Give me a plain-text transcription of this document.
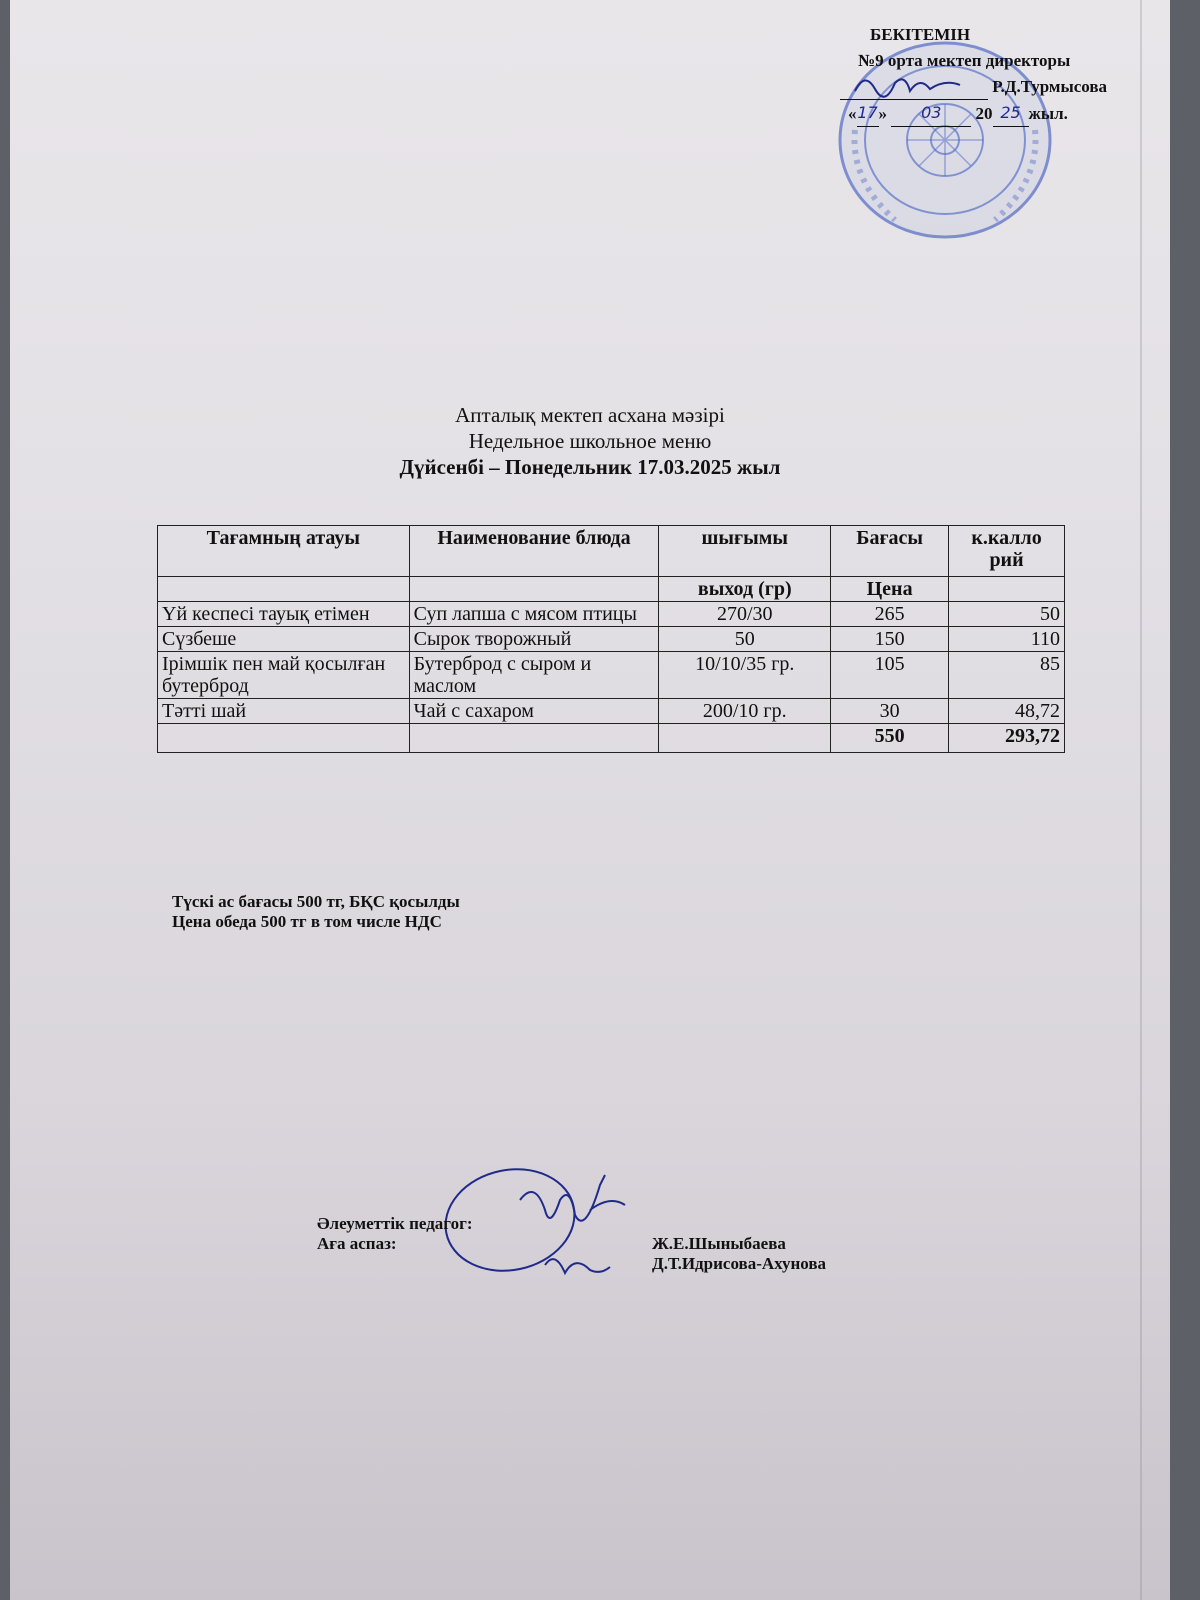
БЕКІТЕМІН
№9 орта мектеп директоры
Р.Д.Турмысова
«17» 03 20 25 жыл.
Апталық мектеп асхана мәзірі
Недельное школьное меню
Дүйсенбі – Понедельник 17.03.2025 жыл
Тағамның атауы	Наименование блюда	шығымы	Бағасы	к.калло рий
		выход (гр)	Цена	
Үй кеспесі тауық етімен	Суп лапша с мясом птицы	270/30	265	50
Сүзбеше	Сырок творожный	50	150	110
Ірімшік пен май қосылған бутерброд	Бутерброд с сыром и маслом	10/10/35 гр.	105	85
Тәтті шай	Чай с сахаром	200/10 гр.	30	48,72
			550	293,72
Түскі ас бағасы 500 тг, БҚС қосылды
Цена обеда 500 тг в том числе НДС
Әлеуметтік педагог:
Аға аспаз:	Ж.Е.Шыныбаева
Д.Т.Идрисова-Ахунова
